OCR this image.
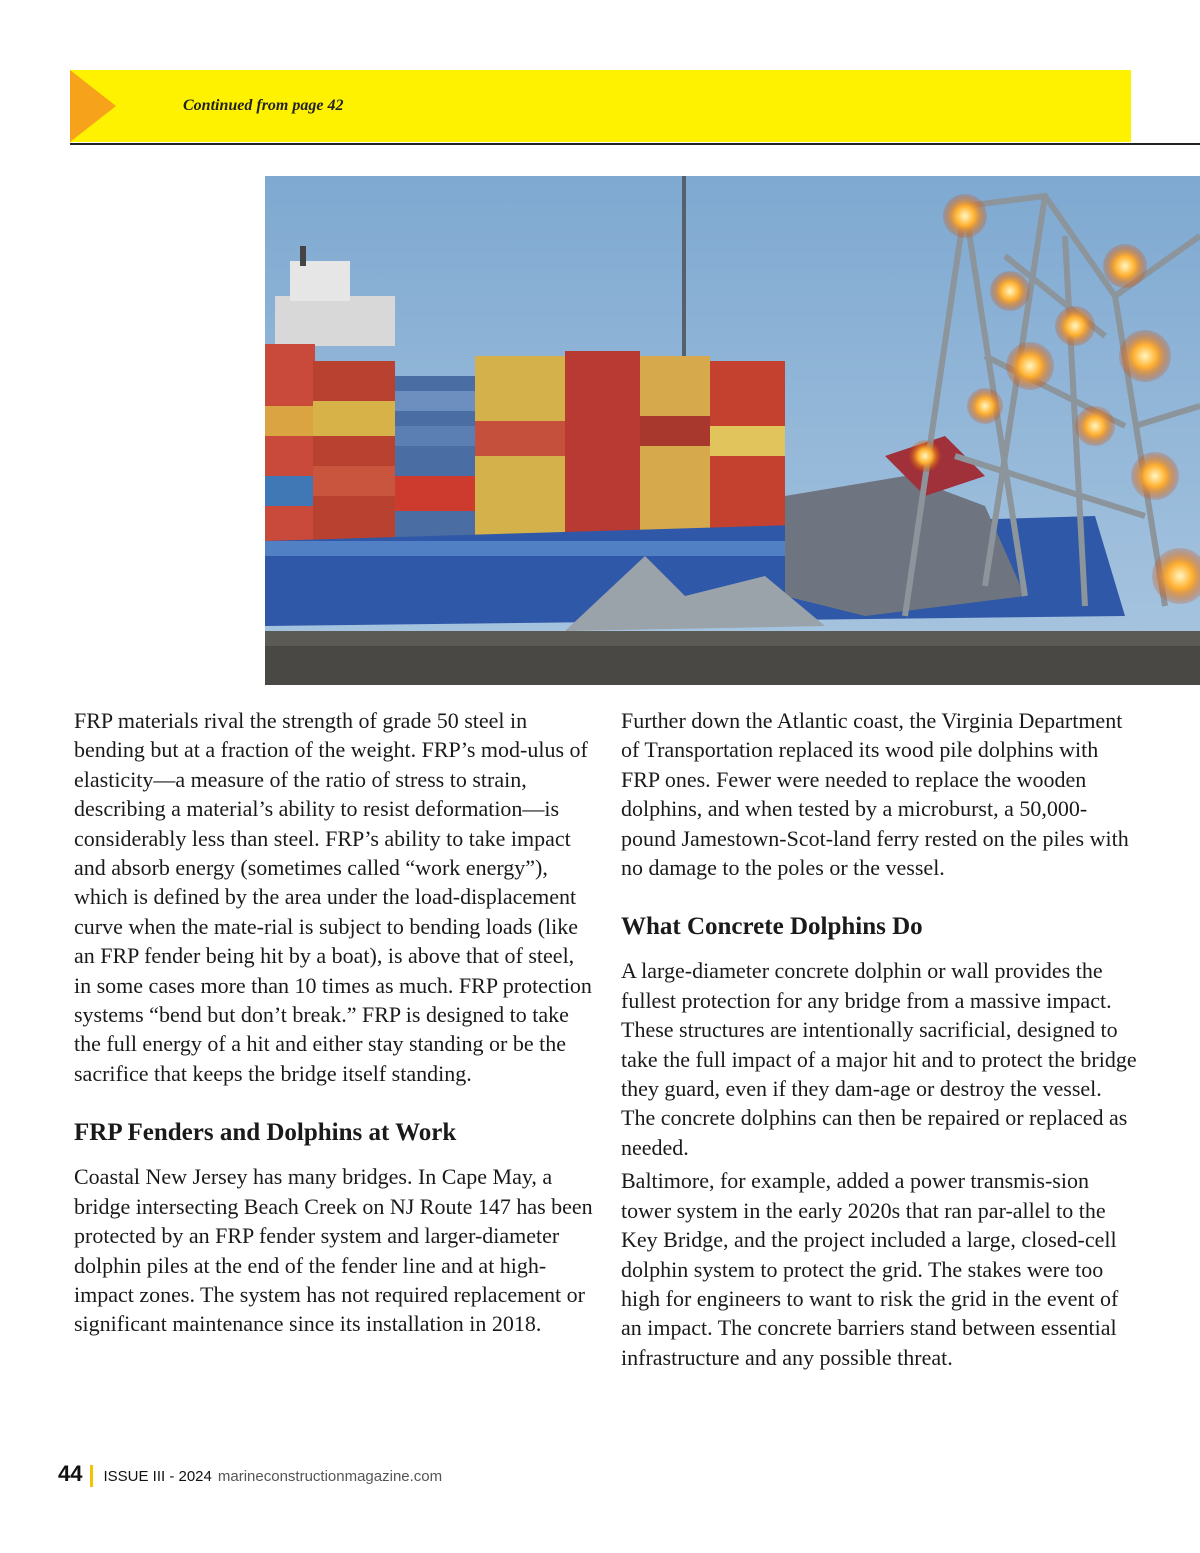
Continued from page 42

FRP materials rival the strength of grade 50 steel in bending but at a fraction of the weight. FRP’s mod-ulus of elasticity—a measure of the ratio of stress to strain, describing a material’s ability to resist deformation—is considerably less than steel. FRP’s ability to take impact and absorb energy (sometimes called “work energy”), which is defined by the area under the load-displacement curve when the mate-rial is subject to bending loads (like an FRP fender being hit by a boat), is above that of steel, in some cases more than 10 times as much. FRP protection systems “bend but don’t break.” FRP is designed to take the full energy of a hit and either stay standing or be the sacrifice that keeps the bridge itself standing.

FRP Fenders and Dolphins at Work

Coastal New Jersey has many bridges. In Cape May, a bridge intersecting Beach Creek on NJ Route 147 has been protected by an FRP fender system and larger-diameter dolphin piles at the end of the fender line and at high-impact zones. The system has not required replacement or significant maintenance since its installation in 2018.

Further down the Atlantic coast, the Virginia Department of Transportation replaced its wood pile dolphins with FRP ones. Fewer were needed to replace the wooden dolphins, and when tested by a microburst, a 50,000-pound Jamestown-Scot-land ferry rested on the piles with no damage to the poles or the vessel.

What Concrete Dolphins Do

A large-diameter concrete dolphin or wall provides the fullest protection for any bridge from a massive impact. These structures are intentionally sacrificial, designed to take the full impact of a major hit and to protect the bridge they guard, even if they dam-age or destroy the vessel. The concrete dolphins can then be repaired or replaced as needed.

Baltimore, for example, added a power transmis-sion tower system in the early 2020s that ran par-allel to the Key Bridge, and the project included a large, closed-cell dolphin system to protect the grid. The stakes were too high for engineers to want to risk the grid in the event of an impact. The concrete barriers stand between essential infrastructure and any possible threat.

44 ISSUE III - 2024 marineconstructionmagazine.com
